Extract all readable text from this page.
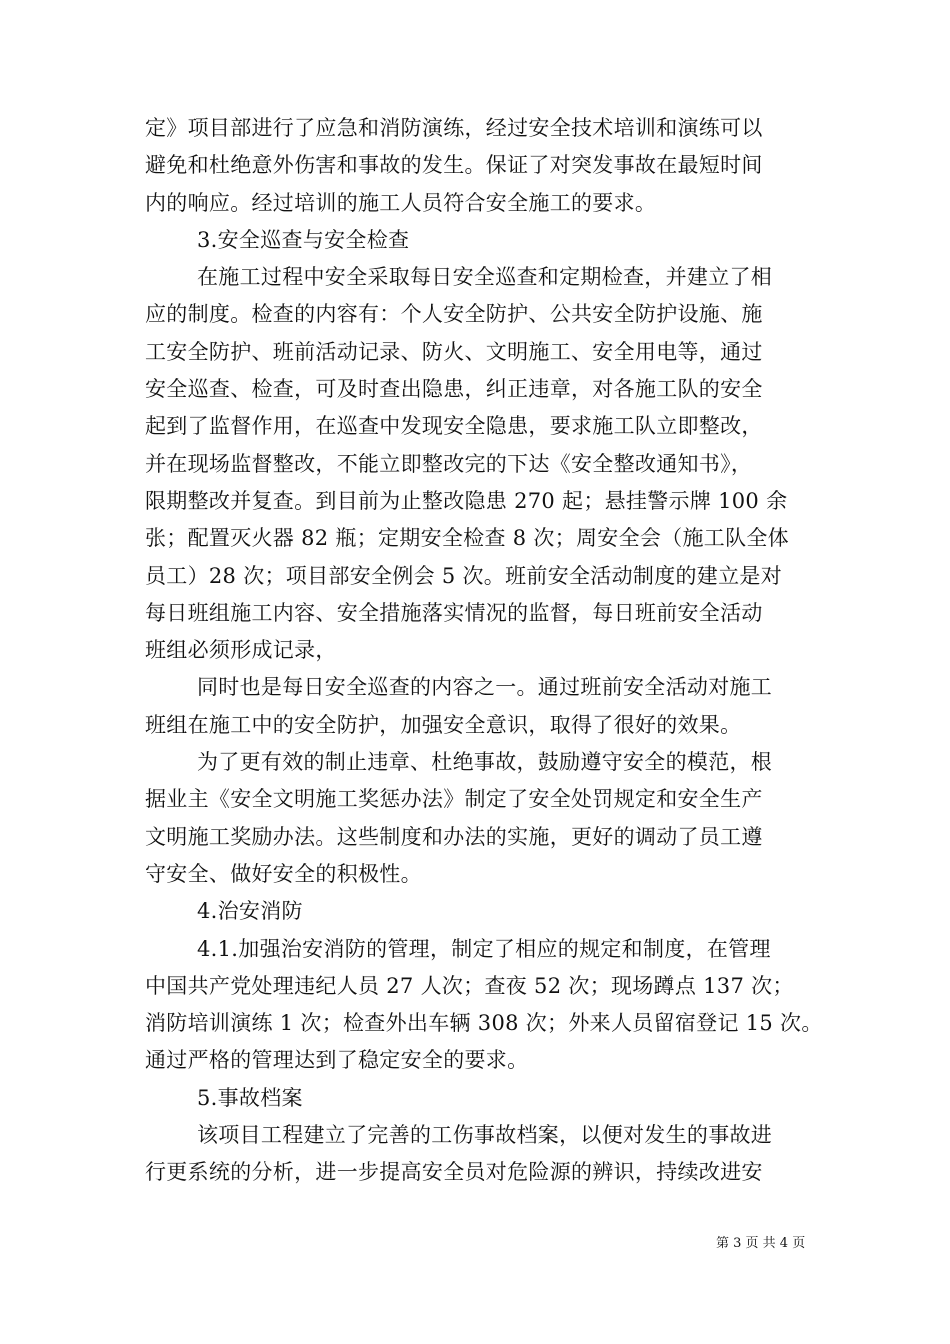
定》项目部进行了应急和消防演练，经过安全技术培训和演练可以
避免和杜绝意外伤害和事故的发生。保证了对突发事故在最短时间
内的响应。经过培训的施工人员符合安全施工的要求。
3.安全巡查与安全检查
在施工过程中安全采取每日安全巡查和定期检查，并建立了相
应的制度。检查的内容有：个人安全防护、公共安全防护设施、施
工安全防护、班前活动记录、防火、文明施工、安全用电等，通过
安全巡查、检查，可及时查出隐患，纠正违章，对各施工队的安全
起到了监督作用，在巡查中发现安全隐患，要求施工队立即整改，
并在现场监督整改，不能立即整改完的下达《安全整改通知书》，
限期整改并复查。到目前为止整改隐患 270 起；悬挂警示牌 100 余
张；配置灭火器 82 瓶；定期安全检查 8 次；周安全会（施工队全体
员工）28 次；项目部安全例会 5 次。班前安全活动制度的建立是对
每日班组施工内容、安全措施落实情况的监督，每日班前安全活动
班组必须形成记录，
同时也是每日安全巡查的内容之一。通过班前安全活动对施工
班组在施工中的安全防护，加强安全意识，取得了很好的效果。
为了更有效的制止违章、杜绝事故，鼓励遵守安全的模范，根
据业主《安全文明施工奖惩办法》制定了安全处罚规定和安全生产
文明施工奖励办法。这些制度和办法的实施，更好的调动了员工遵
守安全、做好安全的积极性。
4.治安消防
4.1.加强治安消防的管理，制定了相应的规定和制度，在管理
中国共产党处理违纪人员 27 人次；查夜 52 次；现场蹲点 137 次；
消防培训演练 1 次；检查外出车辆 308 次；外来人员留宿登记 15 次。
通过严格的管理达到了稳定安全的要求。
5.事故档案
该项目工程建立了完善的工伤事故档案，以便对发生的事故进
行更系统的分析，进一步提高安全员对危险源的辨识，持续改进安
第 3 页 共 4 页
